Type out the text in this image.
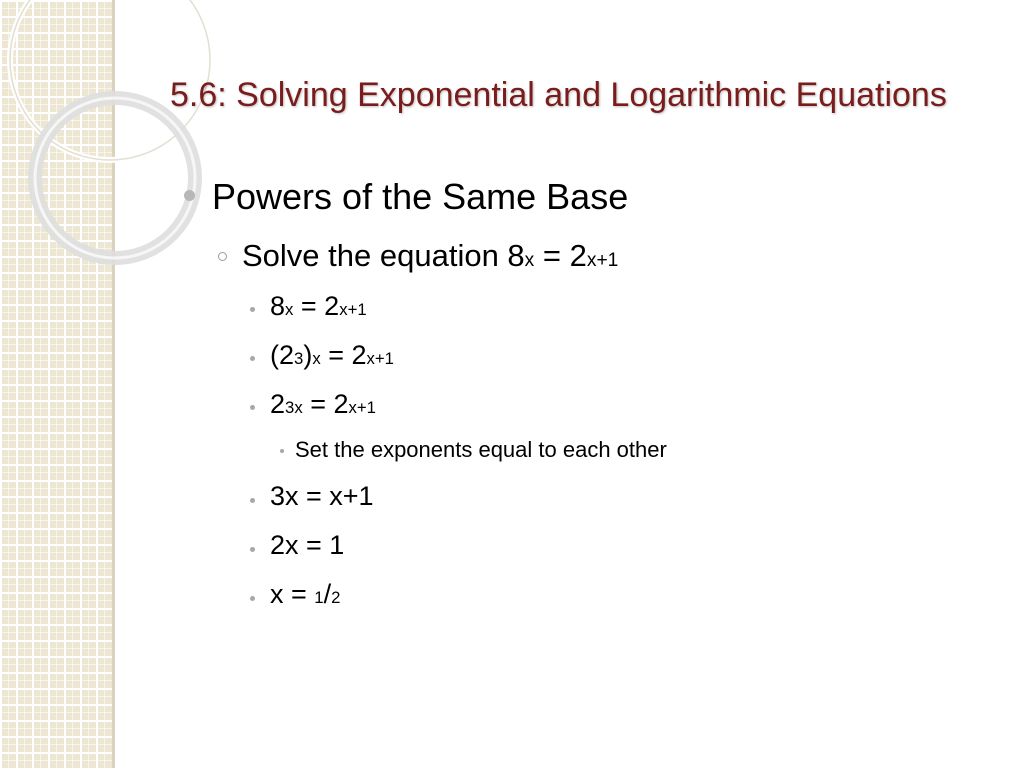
5.6: Solving Exponential and Logarithmic Equations
Powers of the Same Base
Solve the equation 8 x = 2 x+1
8 x = 2 x+1
(2 3 ) x = 2 x+1
2 3x = 2 x+1
Set the exponents equal to each other
3x = x+1
2x = 1
x = 1 / 2
